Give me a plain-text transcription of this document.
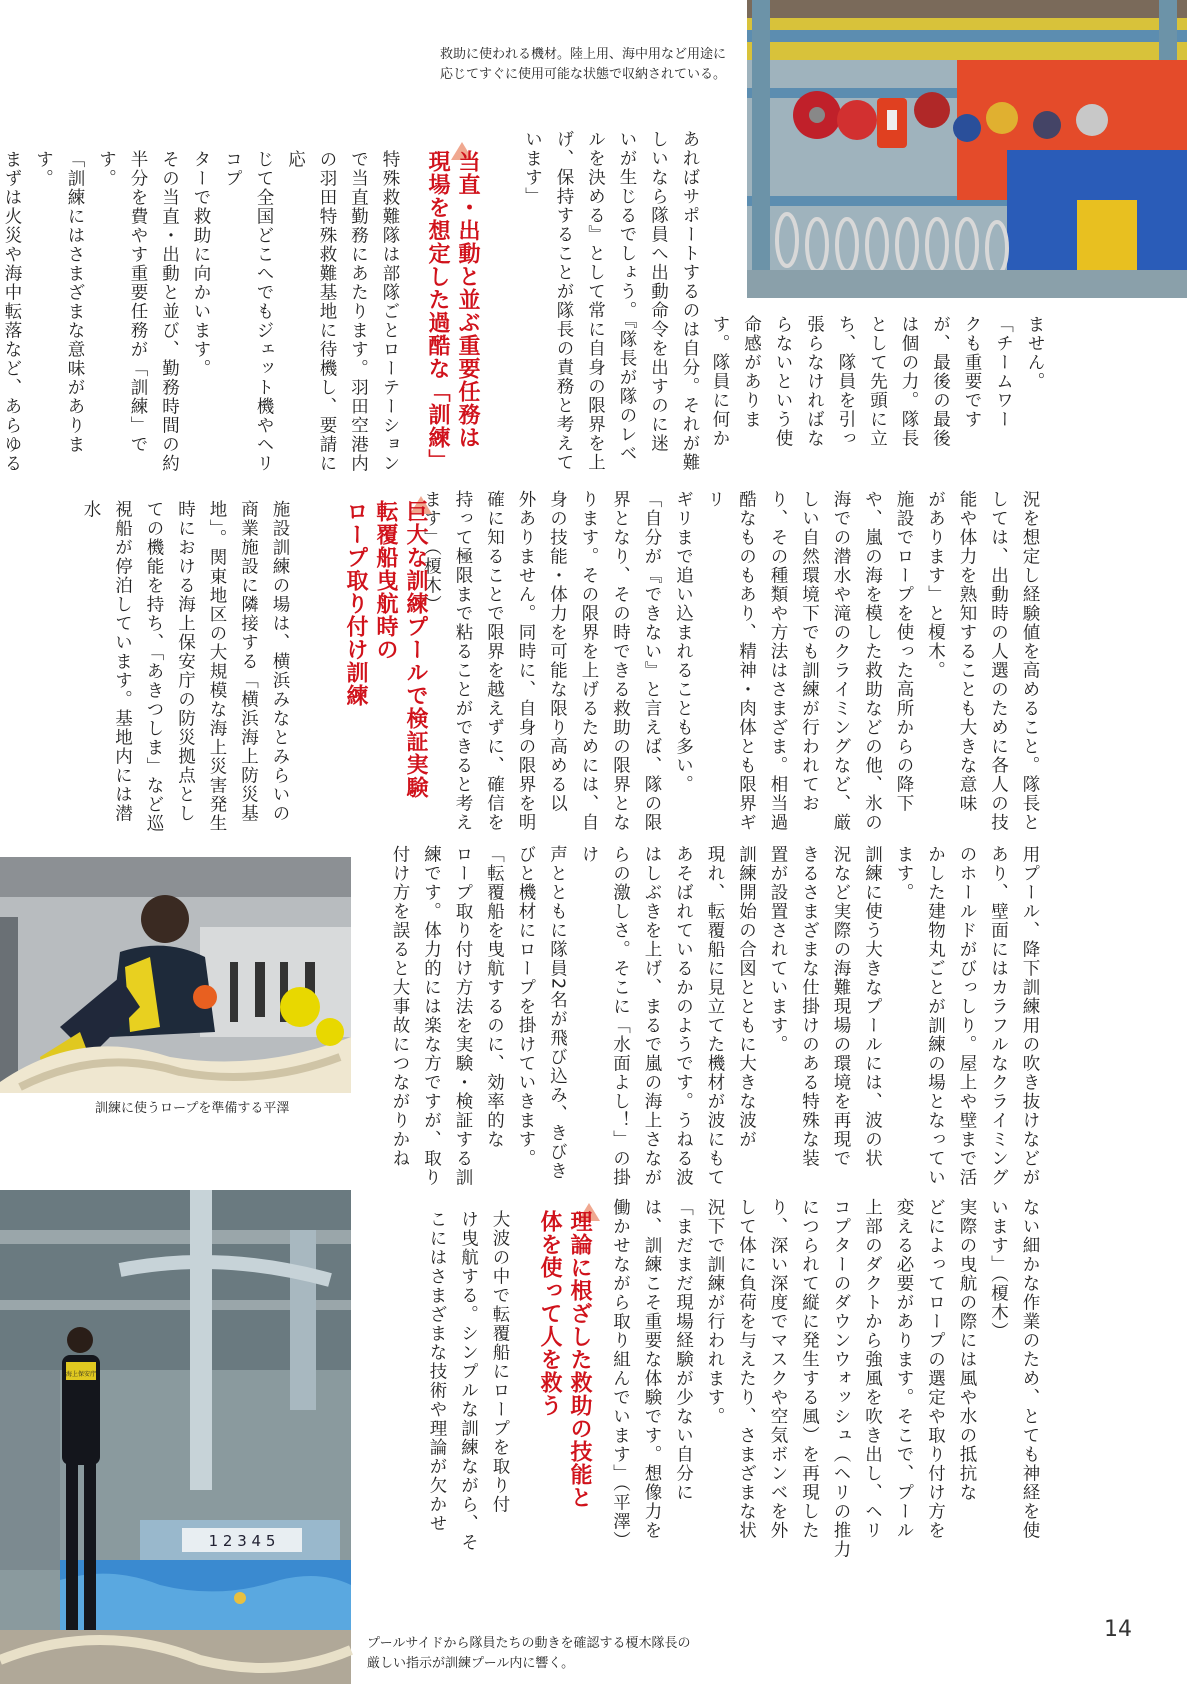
救助に使われる機材。陸上用、海中用など用途に
応じてすぐに使用可能な状態で収納されている。
訓練に使うロープを準備する平澤
1 2 3 4 5
海上保安庁
プールサイドから隊員たちの動きを確認する榎木隊長の
厳しい指示が訓練プール内に響く。
ません。
「チームワー
クも重要です
が、最後の最後
は個の力。隊長
として先頭に立
ち、隊員を引っ
張らなければな
らないという使
命感がありま
す。隊員に何か
あればサポートするのは自分。それが難
しいなら隊員へ出動命令を出すのに迷
いが生じるでしょう。『隊長が隊のレベ
ルを決める』として常に自身の限界を上
げ、保持することが隊長の責務と考えて
います」
当直・出動と並ぶ重要任務は
現場を想定した過酷な「訓練」
特殊救難隊は部隊ごとローテーション
で当直勤務にあたります。羽田空港内
の羽田特殊救難基地に待機し、要請に応
じて全国どこへでもジェット機やヘリコプ
ターで救助に向かいます。
その当直・出動と並び、勤務時間の約
半分を費やす重要任務が「訓練」です。
「訓練にはさまざまな意味があります。
まずは火災や海中転落など、あらゆる
況を想定し経験値を高めること。隊長と
しては、出動時の人選のために各人の技
能や体力を熟知することも大きな意味
があります」と榎木。
施設でロープを使った高所からの降下
や、嵐の海を模した救助などの他、氷の
海での潜水や滝のクライミングなど、厳
しい自然環境下でも訓練が行われてお
り、その種類や方法はさまざま。相当過
酷なものもあり、精神・肉体とも限界ギリ
ギリまで追い込まれることも多い。
「自分が『できない』と言えば、隊の限
界となり、その時できる救助の限界とな
ります。その限界を上げるためには、自
身の技能・体力を可能な限り高める以
外ありません。同時に、自身の限界を明
確に知ることで限界を越えずに、確信を
持って極限まで粘ることができると考え
ます」（榎木）
巨大な訓練プールで検証実験
転覆船曳航時の
ロープ取り付け訓練
施設訓練の場は、横浜みなとみらいの
商業施設に隣接する「横浜海上防災基
地」。関東地区の大規模な海上災害発生
時における海上保安庁の防災拠点とし
ての機能を持ち、「あきつしま」など巡
視船が停泊しています。基地内には潜水
用プール、降下訓練用の吹き抜けなどが
あり、壁面にはカラフルなクライミング
のホールドがびっしり。屋上や壁まで活
かした建物丸ごとが訓練の場となってい
ます。
訓練に使う大きなプールには、波の状
況など実際の海難現場の環境を再現で
きるさまざまな仕掛けのある特殊な装
置が設置されています。
訓練開始の合図とともに大きな波が
現れ、転覆船に見立てた機材が波にもて
あそばれているかのようです。うねる波
はしぶきを上げ、まるで嵐の海上さなが
らの激しさ。そこに「水面よし！」の掛け
声とともに隊員2名が飛び込み、きびき
びと機材にロープを掛けていきます。
「転覆船を曳航するのに、効率的な
ロープ取り付け方法を実験・検証する訓
練です。体力的には楽な方ですが、取り
付け方を誤ると大事故につながりかね
ない細かな作業のため、とても神経を使
います」（榎木）
実際の曳航の際には風や水の抵抗な
どによってロープの選定や取り付け方を
変える必要があります。そこで、プール
上部のダクトから強風を吹き出し、ヘリ
コプターのダウンウォッシュ（ヘリの推力
につられて縦に発生する風）を再現した
り、深い深度でマスクや空気ボンベを外
して体に負荷を与えたり、さまざまな状
況下で訓練が行われます。
「まだまだ現場経験が少ない自分に
は、訓練こそ重要な体験です。想像力を
働かせながら取り組んでいます」（平澤）
理論に根ざした救助の技能と
体を使って人を救う
大波の中で転覆船にロープを取り付
け曳航する。シンプルな訓練ながら、そ
こにはさまざまな技術や理論が欠かせ
14
